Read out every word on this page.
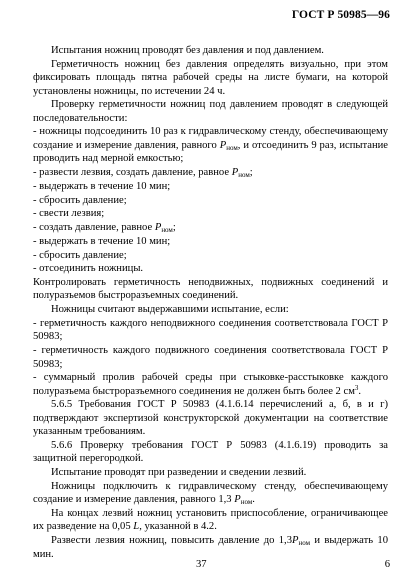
ГОСТ Р 50985—96

Испытания ножниц проводят без давления и под давлением.

Герметичность ножниц без давления определять визуально, при этом фиксировать площадь пятна рабочей среды на листе бумаги, на которой установлены ножницы, по истечении 24 ч.

Проверку герметичности ножниц под давлением проводят в следующей последовательности:

- ножницы подсоединить 10 раз к гидравлическому стенду, обеспечивающему создание и измерение давления, равного $P_{ном}$, и отсоединить 9 раз, испытание проводить над мерной емкостью;

- развести лезвия, создать давление, равное $P_{ном}$;

- выдержать в течение 10 мин;

- сбросить давление;

- свести лезвия;

- создать давление, равное $P_{ном}$;

- выдержать в течение 10 мин;

- сбросить давление;

- отсоединить ножницы.

Контролировать герметичность неподвижных, подвижных соединений и полуразъемов быстроразъемных соединений.

Ножницы считают выдержавшими испытание, если:

- герметичность каждого неподвижного соединения соответствовала ГОСТ Р 50983;

- герметичность каждого подвижного соединения соответствовала ГОСТ Р 50983;

- суммарный пролив рабочей среды при стыковке-расстыковке каждого полуразъема быстроразъемного соединения не должен быть более 2 $см^3$.

5.6.5 Требования ГОСТ Р 50983 (4.1.6.14 перечислений а, б, в и г) подтверждают экспертизой конструкторской документации на соответствие указанным требованиям.

5.6.6 Проверку требования ГОСТ Р 50983 (4.1.6.19) проводить за защитной перегородкой.

Испытание проводят при разведении и сведении лезвий.

Ножницы подключить к гидравлическому стенду, обеспечивающему создание и измерение давления, равного 1,3 $P_{ном}$.

На концах лезвий ножниц установить приспособление, ограничивающее их разведение на 0,05 L, указанной в 4.2.

Развести лезвия ножниц, повысить давление до $1,3P_{ном}$ и выдержать 10 мин.

37	6
